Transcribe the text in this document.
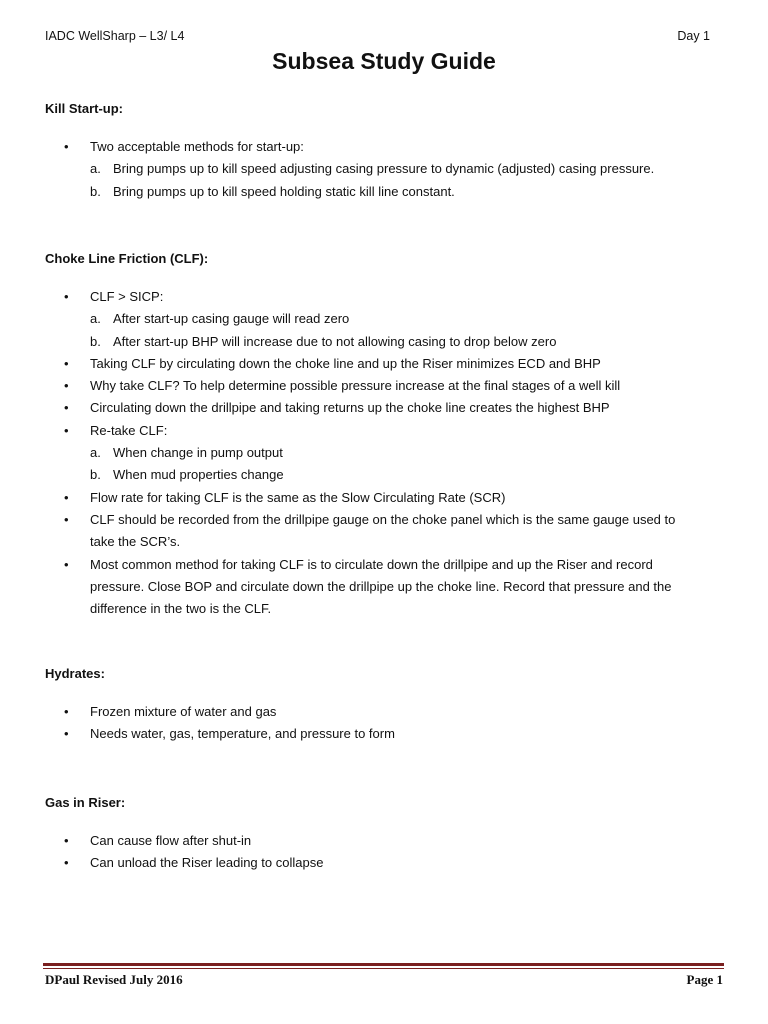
IADC WellSharp – L3/ L4	Day 1
Subsea Study Guide
Kill Start-up:
• Two acceptable methods for start-up:
a. Bring pumps up to kill speed adjusting casing pressure to dynamic (adjusted) casing pressure.
b. Bring pumps up to kill speed holding static kill line constant.
Choke Line Friction (CLF):
• CLF > SICP:
a. After start-up casing gauge will read zero
b. After start-up BHP will increase due to not allowing casing to drop below zero
• Taking CLF by circulating down the choke line and up the Riser minimizes ECD and BHP
• Why take CLF? To help determine possible pressure increase at the final stages of a well kill
• Circulating down the drillpipe and taking returns up the choke line creates the highest BHP
• Re-take CLF:
a. When change in pump output
b. When mud properties change
• Flow rate for taking CLF is the same as the Slow Circulating Rate (SCR)
• CLF should be recorded from the drillpipe gauge on the choke panel which is the same gauge used to
take the SCR’s.
• Most common method for taking CLF is to circulate down the drillpipe and up the Riser and record
pressure. Close BOP and circulate down the drillpipe up the choke line. Record that pressure and the
difference in the two is the CLF.
Hydrates:
• Frozen mixture of water and gas
• Needs water, gas, temperature, and pressure to form
Gas in Riser:
• Can cause flow after shut-in
• Can unload the Riser leading to collapse
DPaul Revised July 2016	Page 1
